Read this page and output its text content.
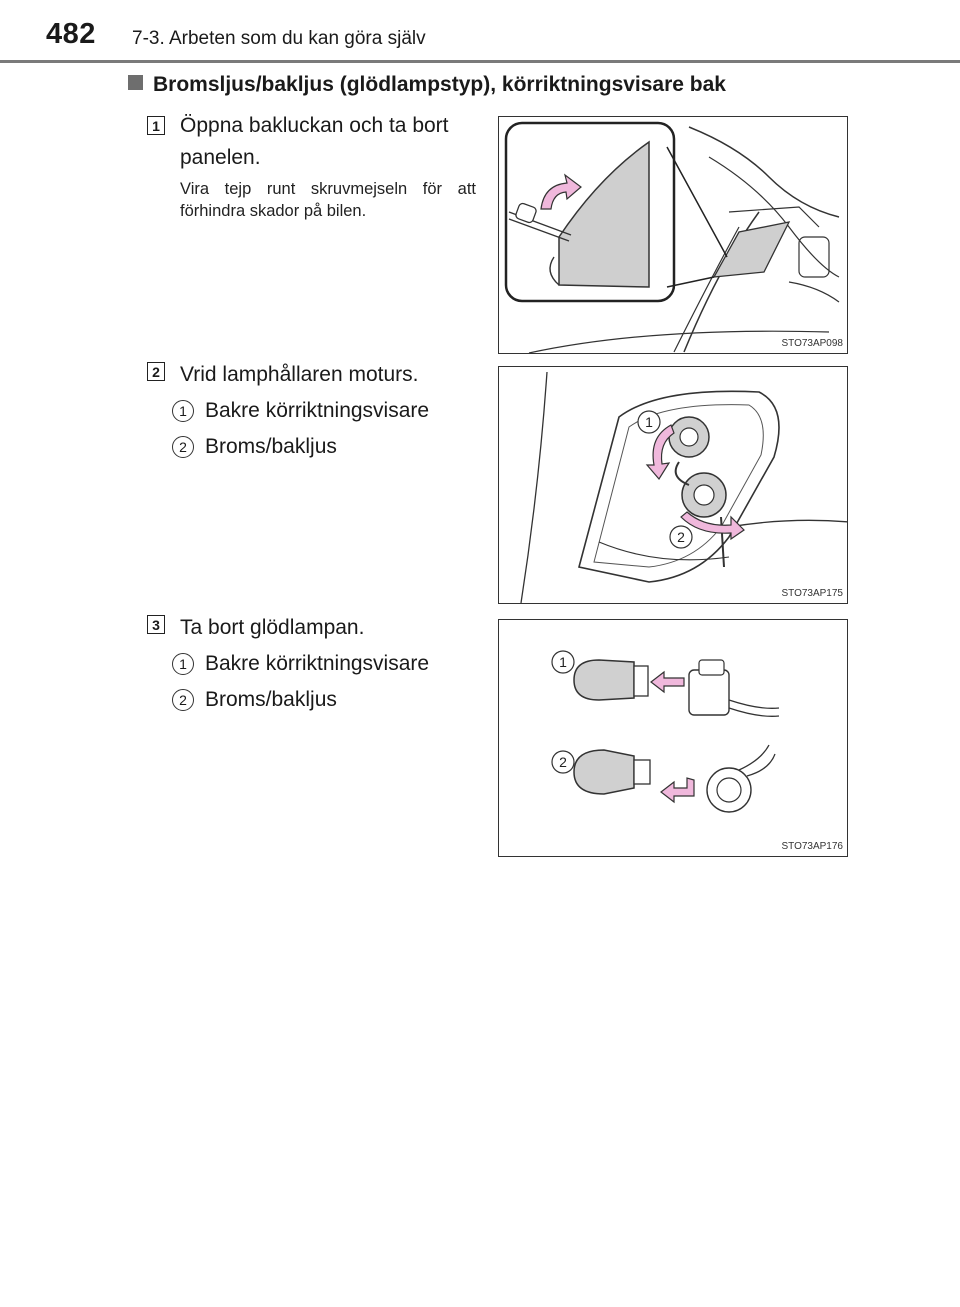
482 7-3. Arbeten som du kan göra själv
Bromsljus/bakljus (glödlampstyp), körriktningsvisare bak
1 Öppna bakluckan och ta bort
panelen.
Vira tejp runt skruvmejseln för att förhindra skador på bilen.
STO73AP098
2 Vrid lamphållaren moturs.
1 Bakre körriktningsvisare
2 Broms/bakljus
1
2
STO73AP175
3 Ta bort glödlampan.
1 Bakre körriktningsvisare
2 Broms/bakljus
1
2
STO73AP176
